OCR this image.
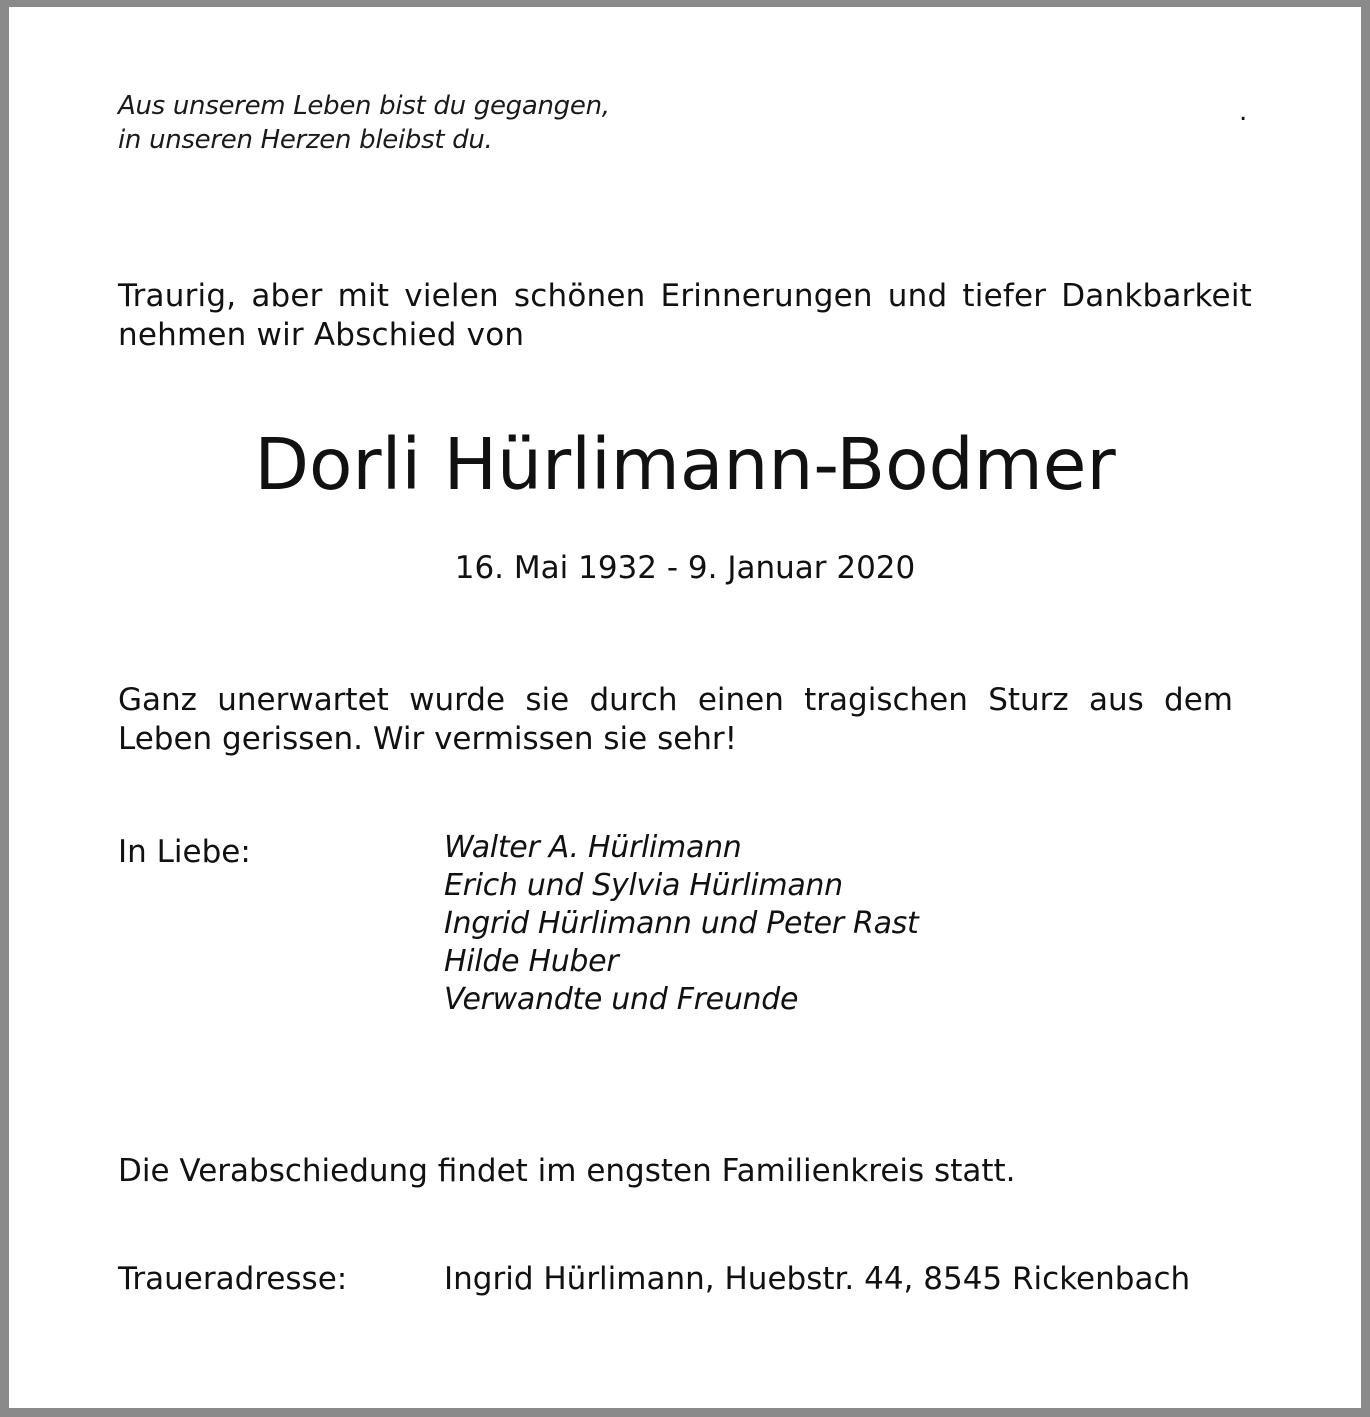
Aus unserem Leben bist du gegangen,
in unseren Herzen bleibst du.
.
Traurig, aber mit vielen schönen Erinnerungen und tiefer Dankbarkeit nehmen wir Abschied von
Dorli Hürlimann-Bodmer
16. Mai 1932 - 9. Januar 2020
Ganz unerwartet wurde sie durch einen tragischen Sturz aus dem Leben gerissen. Wir vermissen sie sehr!
In Liebe:	Walter A. Hürlimann
Erich und Sylvia Hürlimann
Ingrid Hürlimann und Peter Rast
Hilde Huber
Verwandte und Freunde
Die Verabschiedung findet im engsten Familienkreis statt.
Traueradresse:	Ingrid Hürlimann, Huebstr. 44, 8545 Rickenbach
